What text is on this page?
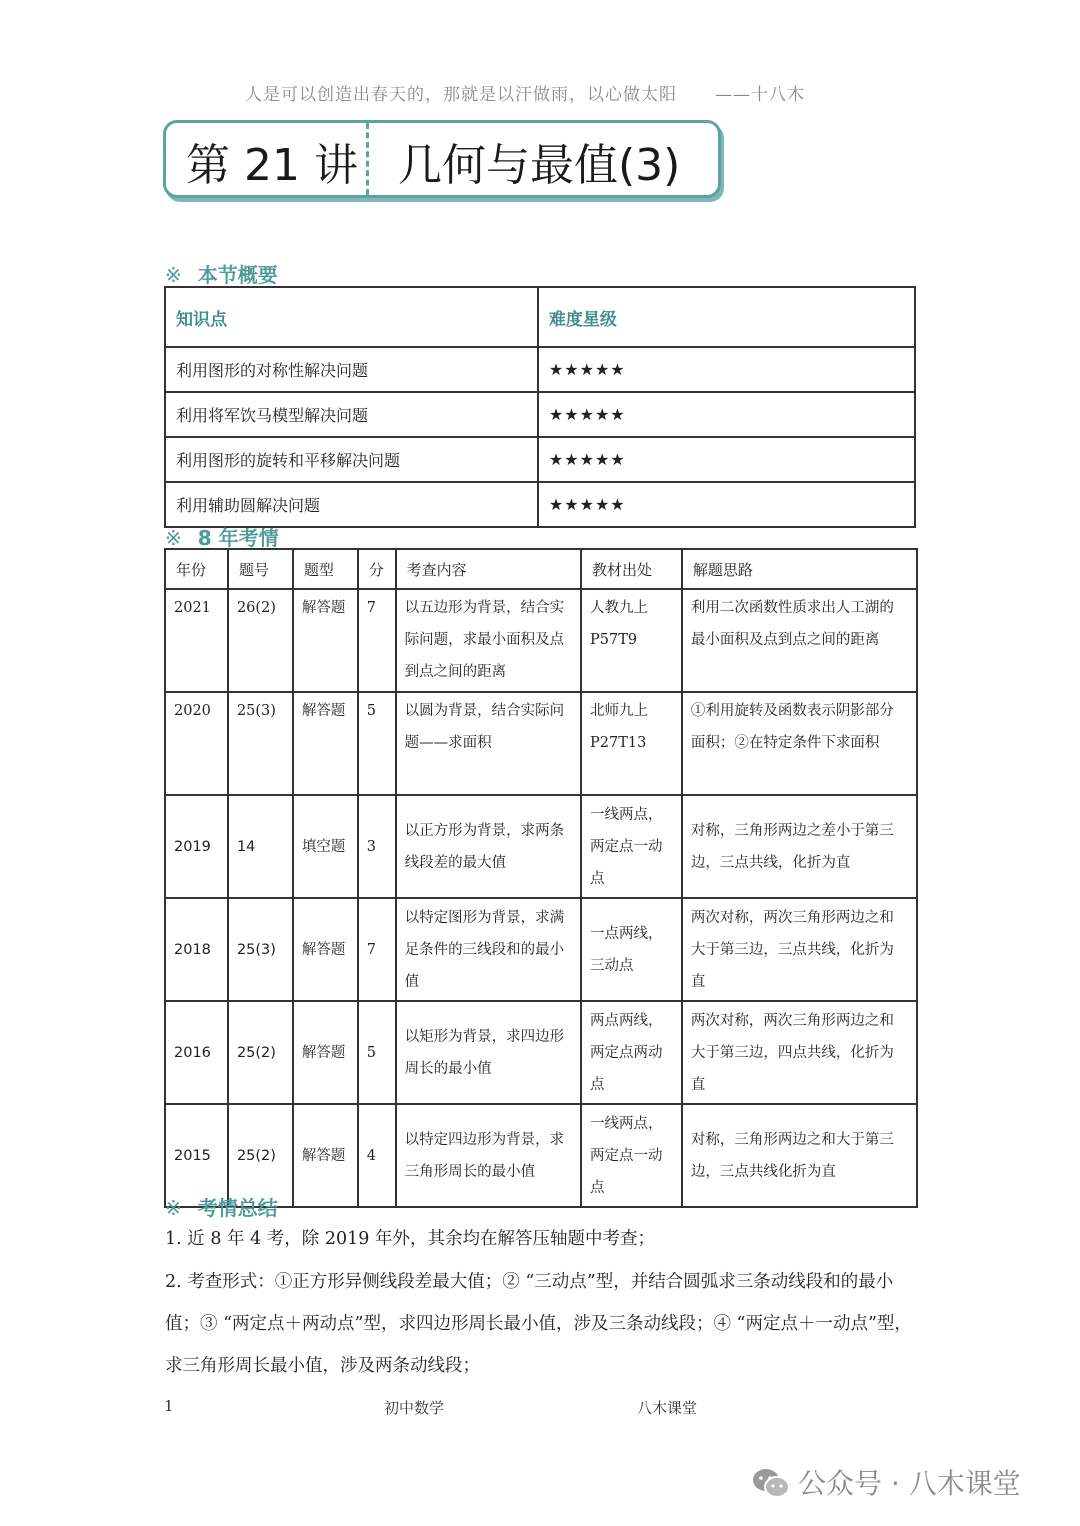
人是可以创造出春天的，那就是以汗做雨，以心做太阳 ——十八木
第 21 讲 几何与最值(3)
※ 本节概要
知识点	难度星级
利用图形的对称性解决问题	★★★★★
利用将军饮马模型解决问题	★★★★★
利用图形的旋转和平移解决问题	★★★★★
利用辅助圆解决问题	★★★★★
※ 8 年考情
年份	题号	题型	分	考查内容	教材出处	解题思路
2021	26(2)	解答题	7	以五边形为背景，结合实际问题，求最小面积及点到点之间的距离	人教九上P57T9	利用二次函数性质求出人工湖的最小面积及点到点之间的距离
2020	25(3)	解答题	5	以圆为背景，结合实际问题——求面积	北师九上P27T13	①利用旋转及函数表示阴影部分面积；②在特定条件下求面积
2019	14	填空题	3	以正方形为背景，求两条线段差的最大值	一线两点，两定点一动点	对称，三角形两边之差小于第三边，三点共线，化折为直
2018	25(3)	解答题	7	以特定图形为背景，求满足条件的三线段和的最小值	一点两线，三动点	两次对称，两次三角形两边之和大于第三边，三点共线，化折为直
2016	25(2)	解答题	5	以矩形为背景，求四边形周长的最小值	两点两线，两定点两动点	两次对称，两次三角形两边之和大于第三边，四点共线，化折为直
2015	25(2)	解答题	4	以特定四边形为背景，求三角形周长的最小值	一线两点，两定点一动点	对称，三角形两边之和大于第三边，三点共线化折为直
※ 考情总结
1. 近 8 年 4 考，除 2019 年外，其余均在解答压轴题中考查；
2. 考查形式：①正方形异侧线段差最大值；② “三动点”型，并结合圆弧求三条动线段和的最小值；③ “两定点＋两动点”型，求四边形周长最小值，涉及三条动线段；④ “两定点＋一动点”型，求三角形周长最小值，涉及两条动线段；
1	初中数学	八木课堂
公众号 · 八木课堂
